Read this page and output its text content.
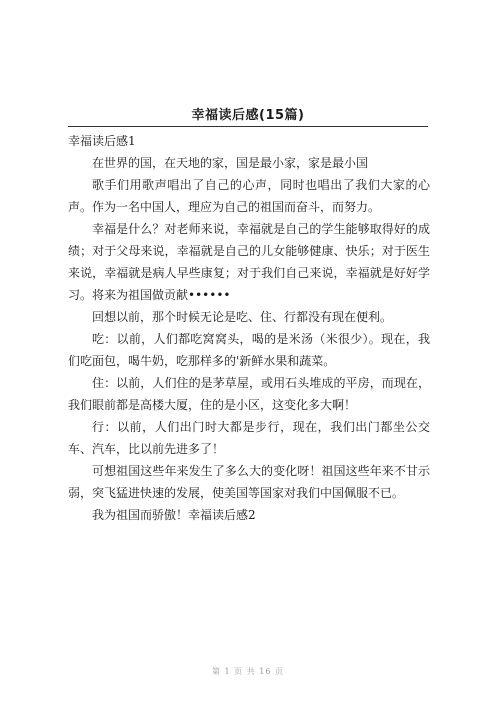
幸福读后感(15篇)

幸福读后感1

在世界的国，在天地的家，国是最小家，家是最小国

歌手们用歌声唱出了自己的心声，同时也唱出了我们大家的心声。作为一名中国人，理应为自己的祖国而奋斗，而努力。

幸福是什么？对老师来说，幸福就是自己的学生能够取得好的成绩；对于父母来说，幸福就是自己的儿女能够健康、快乐；对于医生来说，幸福就是病人早些康复；对于我们自己来说，幸福就是好好学习。将来为祖国做贡献••••••

回想以前，那个时候无论是吃、住、行都没有现在便利。

吃：以前，人们都吃窝窝头，喝的是米汤（米很少）。现在，我们吃面包，喝牛奶，吃那样多的'新鲜水果和蔬菜。

住：以前，人们住的是茅草屋，或用石头堆成的平房，而现在，我们眼前都是高楼大厦，住的是小区，这变化多大啊！

行：以前，人们出门时大都是步行，现在，我们出门都坐公交车、汽车，比以前先进多了！

可想祖国这些年来发生了多么大的变化呀！祖国这些年来不甘示弱，突飞猛进快速的发展，使美国等国家对我们中国佩服不已。

我为祖国而骄傲！幸福读后感2

第 1 页 共 16 页
